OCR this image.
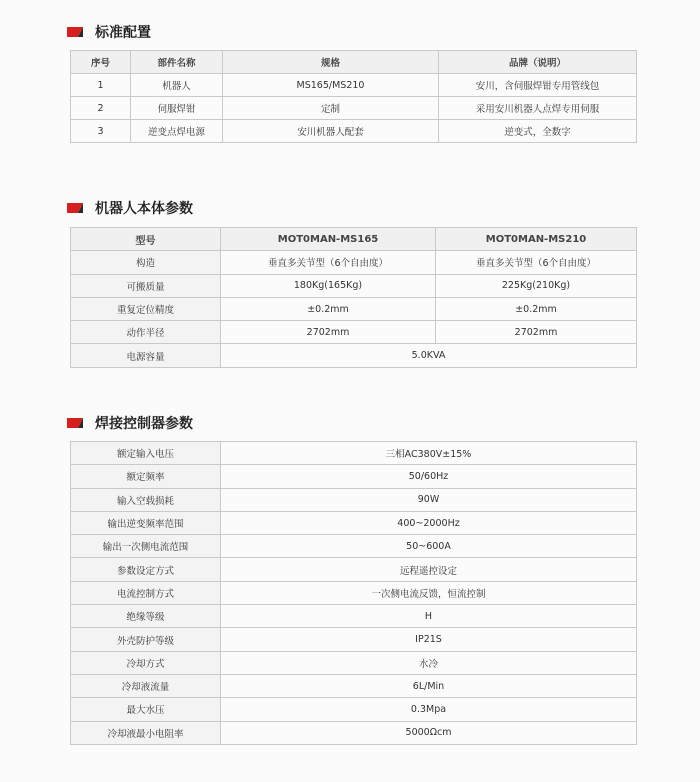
标准配置
序号	部件名称	规格	品牌（说明）
1	机器人	MS165/MS210	安川，含伺服焊钳专用管线包
2	伺服焊钳	定制	采用安川机器人点焊专用伺服
3	逆变点焊电源	安川机器人配套	逆变式，全数字
机器人本体参数
型号	MOT0MAN-MS165	MOT0MAN-MS210
构造	垂直多关节型（6个自由度）	垂直多关节型（6个自由度）
可搬质量	180Kg(165Kg)	225Kg(210Kg)
重复定位精度	±0.2mm	±0.2mm
动作半径	2702mm	2702mm
电源容量	5.0KVA	
焊接控制器参数
额定输入电压	三相AC380V±15%
额定频率	50/60Hz
输入空载损耗	90W
输出逆变频率范围	400~2000Hz
输出一次侧电流范围	50~600A
参数设定方式	远程遥控设定
电流控制方式	一次侧电流反馈，恒流控制
绝缘等级	H
外壳防护等级	IP21S
冷却方式	水冷
冷却液流量	6L/Min
最大水压	0.3Mpa
冷却液最小电阻率	5000Ωcm
